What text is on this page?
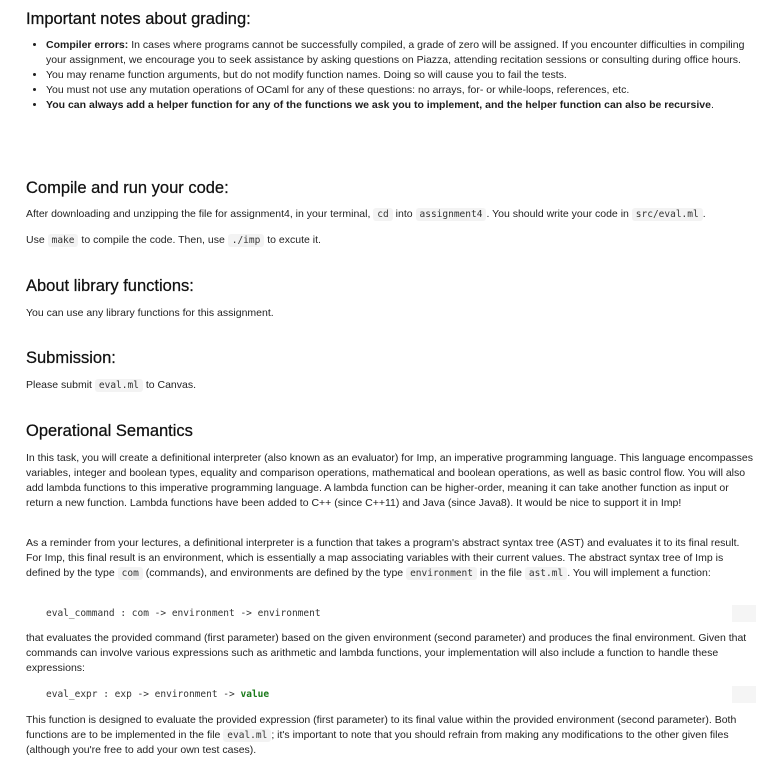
Important notes about grading:
• Compiler errors: In cases where programs cannot be successfully compiled, a grade of zero will be assigned. If you encounter difficulties in compiling your assignment, we encourage you to seek assistance by asking questions on Piazza, attending recitation sessions or consulting during office hours.
• You may rename function arguments, but do not modify function names. Doing so will cause you to fail the tests.
• You must not use any mutation operations of OCaml for any of these questions: no arrays, for- or while-loops, references, etc.
• You can always add a helper function for any of the functions we ask you to implement, and the helper function can also be recursive.
Compile and run your code:

After downloading and unzipping the file for assignment4, in your terminal, cd into assignment4 . You should write your code in src/eval.ml .

Use make to compile the code. Then, use ./imp to excute it.

About library functions:

You can use any library functions for this assignment.

Submission:

Please submit eval.ml to Canvas.

Operational Semantics

In this task, you will create a definitional interpreter (also known as an evaluator) for Imp, an imperative programming language. This language encompasses variables, integer and boolean types, equality and comparison operations, mathematical and boolean operations, as well as basic control flow. You will also add lambda functions to this imperative programming language. A lambda function can be higher-order, meaning it can take another function as input or return a new function. Lambda functions have been added to C++ (since C++11) and Java (since Java8). It would be nice to support it in Imp!

As a reminder from your lectures, a definitional interpreter is a function that takes a program's abstract syntax tree (AST) and evaluates it to its final result. For Imp, this final result is an environment, which is essentially a map associating variables with their current values. The abstract syntax tree of Imp is defined by the type com (commands), and environments are defined by the type environment in the file ast.ml . You will implement a function:

eval_command : com -> environment -> environment

that evaluates the provided command (first parameter) based on the given environment (second parameter) and produces the final environment. Given that commands can involve various expressions such as arithmetic and lambda functions, your implementation will also include a function to handle these expressions:

eval_expr : exp -> environment -> value

This function is designed to evaluate the provided expression (first parameter) to its final value within the provided environment (second parameter). Both functions are to be implemented in the file eval.ml ; it's important to note that you should refrain from making any modifications to the other given files (although you're free to add your own test cases).
